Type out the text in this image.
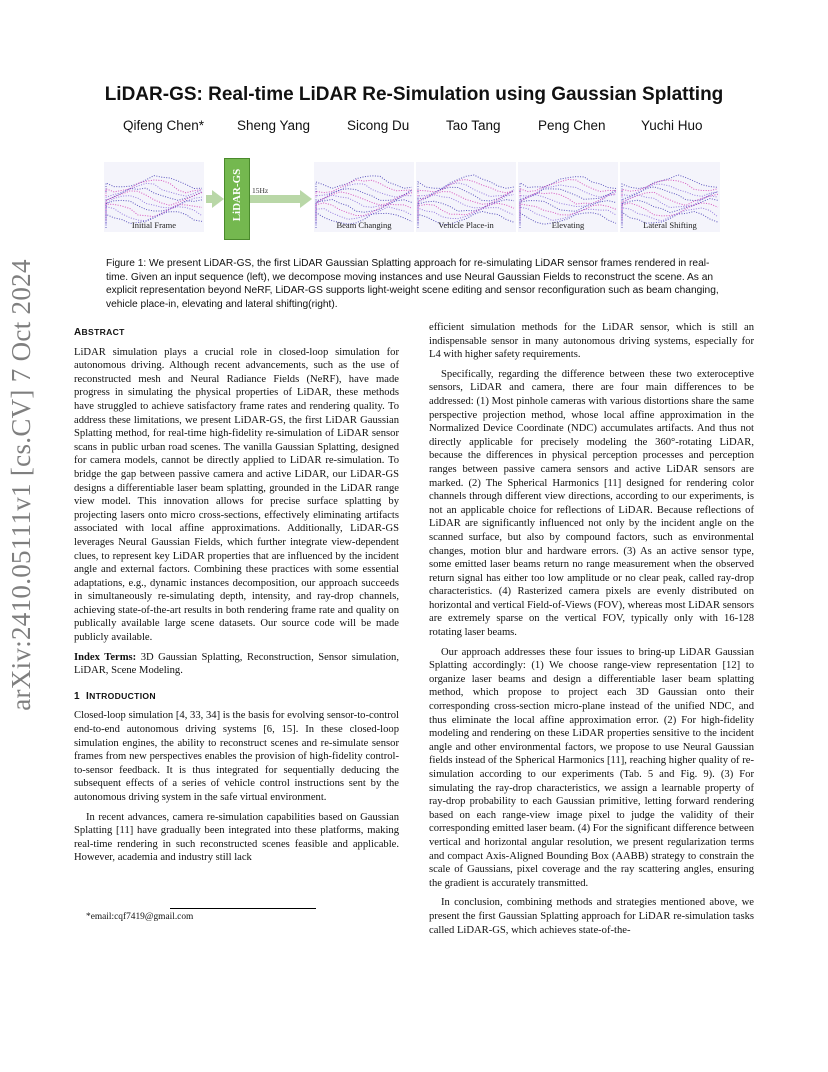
arXiv:2410.05111v1 [cs.CV] 7 Oct 2024
LiDAR-GS: Real-time LiDAR Re-Simulation using Gaussian Splatting
Qifeng Chen* Sheng Yang	Sicong Du	Tao Tang	Peng Chen	Yuchi Huo
Initial Frame
LiDAR-GS 15Hz
Beam Changing	Vehicle Place-in	Elevating	Lateral Shifting
Figure 1: We present LiDAR-GS, the first LiDAR Gaussian Splatting approach for re-simulating LiDAR sensor frames rendered in real-time. Given an input sequence (left), we decompose moving instances and use Neural Gaussian Fields to reconstruct the scene. As an explicit representation beyond NeRF, LiDAR-GS supports light-weight scene editing and sensor reconfiguration such as beam changing, vehicle place-in, elevating and lateral shifting(right).
ABSTRACT

LiDAR simulation plays a crucial role in closed-loop simulation for autonomous driving. Although recent advancements, such as the use of reconstructed mesh and Neural Radiance Fields (NeRF), have made progress in simulating the physical properties of LiDAR, these methods have struggled to achieve satisfactory frame rates and rendering quality. To address these limitations, we present LiDAR-GS, the first LiDAR Gaussian Splatting method, for real-time high-fidelity re-simulation of LiDAR sensor scans in public urban road scenes. The vanilla Gaussian Splatting, designed for camera models, cannot be directly applied to LiDAR re-simulation. To bridge the gap between passive camera and active LiDAR, our LiDAR-GS designs a differentiable laser beam splatting, grounded in the LiDAR range view model. This innovation allows for precise surface splatting by projecting lasers onto micro cross-sections, effectively eliminating artifacts associated with local affine approximations. Additionally, LiDAR-GS leverages Neural Gaussian Fields, which further integrate view-dependent clues, to represent key LiDAR properties that are influenced by the incident angle and external factors. Combining these practices with some essential adaptations, e.g., dynamic instances decomposition, our approach succeeds in simultaneously re-simulating depth, intensity, and ray-drop channels, achieving state-of-the-art results in both rendering frame rate and quality on publically available large scene datasets. Our source code will be made publicly available.

Index Terms: 3D Gaussian Splatting, Reconstruction, Sensor simulation, LiDAR, Scene Modeling.

1  INTRODUCTION

Closed-loop simulation [4, 33, 34] is the basis for evolving sensor-to-control end-to-end autonomous driving systems [6, 15]. In these closed-loop simulation engines, the ability to reconstruct scenes and re-simulate sensor frames from new perspectives enables the provision of high-fidelity control-to-sensor feedback. It is thus integrated for sequentially deducing the subsequent effects of a series of vehicle control instructions sent by the autonomous driving system in the safe virtual environment.

In recent advances, camera re-simulation capabilities based on Gaussian Splatting [11] have gradually been integrated into these platforms, making real-time rendering in such reconstructed scenes feasible and applicable. However, academia and industry still lack

*email:cqf7419@gmail.com

efficient simulation methods for the LiDAR sensor, which is still an indispensable sensor in many autonomous driving systems, especially for L4 with higher safety requirements.

Specifically, regarding the difference between these two exteroceptive sensors, LiDAR and camera, there are four main differences to be addressed: (1) Most pinhole cameras with various distortions share the same perspective projection method, whose local affine approximation in the Normalized Device Coordinate (NDC) accumulates artifacts. And thus not directly applicable for precisely modeling the 360°-rotating LiDAR, because the differences in physical perception processes and perception ranges between passive camera sensors and active LiDAR sensors are marked. (2) The Spherical Harmonics [11] designed for rendering color channels through different view directions, according to our experiments, is not an applicable choice for reflections of LiDAR. Because reflections of LiDAR are significantly influenced not only by the incident angle on the scanned surface, but also by compound factors, such as environmental changes, motion blur and hardware errors. (3) As an active sensor type, some emitted laser beams return no range measurement when the observed return signal has either too low amplitude or no clear peak, called ray-drop characteristics. (4) Rasterized camera pixels are evenly distributed on horizontal and vertical Field-of-Views (FOV), whereas most LiDAR sensors are extremely sparse on the vertical FOV, typically only with 16-128 rotating laser beams.

Our approach addresses these four issues to bring-up LiDAR Gaussian Splatting accordingly: (1) We choose range-view representation [12] to organize laser beams and design a differentiable laser beam splatting method, which propose to project each 3D Gaussian onto their corresponding cross-section micro-plane instead of the unified NDC, and thus eliminate the local affine approximation error. (2) For high-fidelity modeling and rendering on these LiDAR properties sensitive to the incident angle and other environmental factors, we propose to use Neural Gaussian fields instead of the Spherical Harmonics [11], reaching higher quality of re-simulation according to our experiments (Tab. 5 and Fig. 9). (3) For simulating the ray-drop characteristics, we assign a learnable property of ray-drop probability to each Gaussian primitive, letting forward rendering based on each range-view image pixel to judge the validity of their corresponding emitted laser beam. (4) For the significant difference between vertical and horizontal angular resolution, we present regularization terms and compact Axis-Aligned Bounding Box (AABB) strategy to constrain the scale of Gaussians, pixel coverage and the ray scattering angles, ensuring the gradient is accurately transmitted.

In conclusion, combining methods and strategies mentioned above, we present the first Gaussian Splatting approach for LiDAR re-simulation tasks called LiDAR-GS, which achieves state-of-the-
